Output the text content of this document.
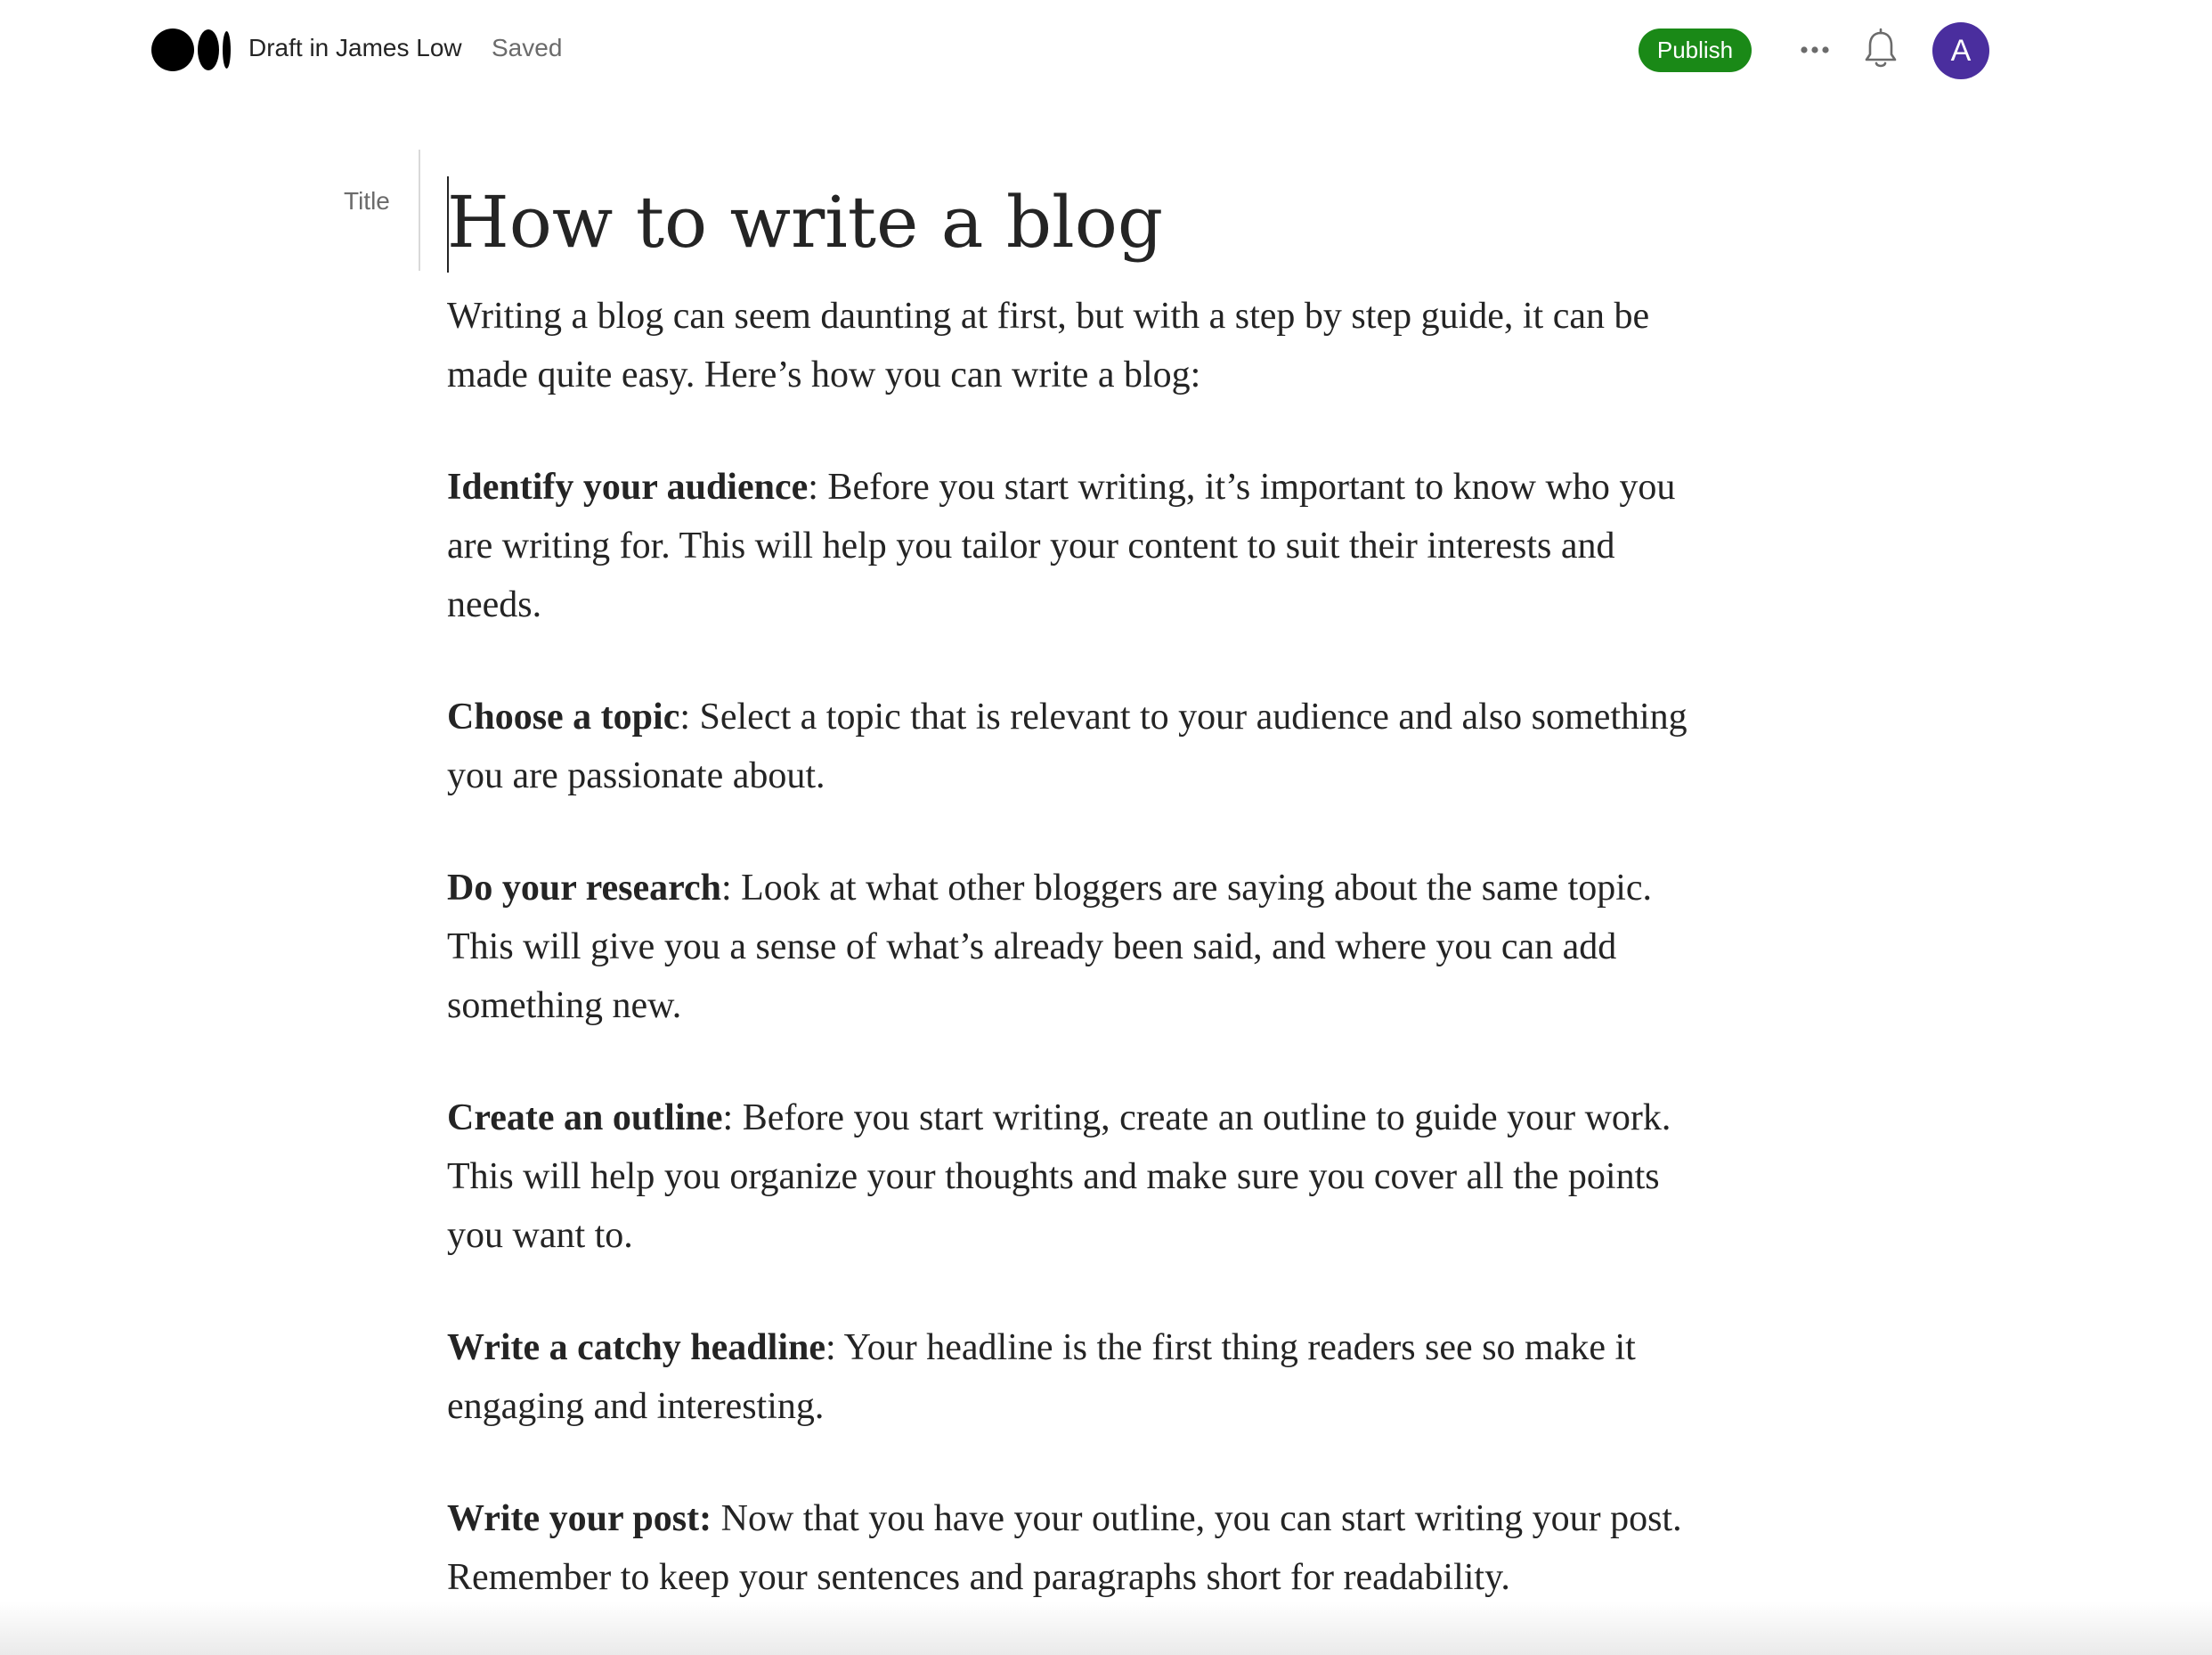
Draft in James Low Saved	Publish	A
Title How to write a blog

Writing a blog can seem daunting at first, but with a step by step guide, it can be made quite easy. Here’s how you can write a blog:

Identify your audience: Before you start writing, it’s important to know who you are writing for. This will help you tailor your content to suit their interests and needs.

Choose a topic: Select a topic that is relevant to your audience and also something you are passionate about.

Do your research: Look at what other bloggers are saying about the same topic. This will give you a sense of what’s already been said, and where you can add something new.

Create an outline: Before you start writing, create an outline to guide your work. This will help you organize your thoughts and make sure you cover all the points you want to.

Write a catchy headline: Your headline is the first thing readers see so make it engaging and interesting.

Write your post: Now that you have your outline, you can start writing your post. Remember to keep your sentences and paragraphs short for readability.
